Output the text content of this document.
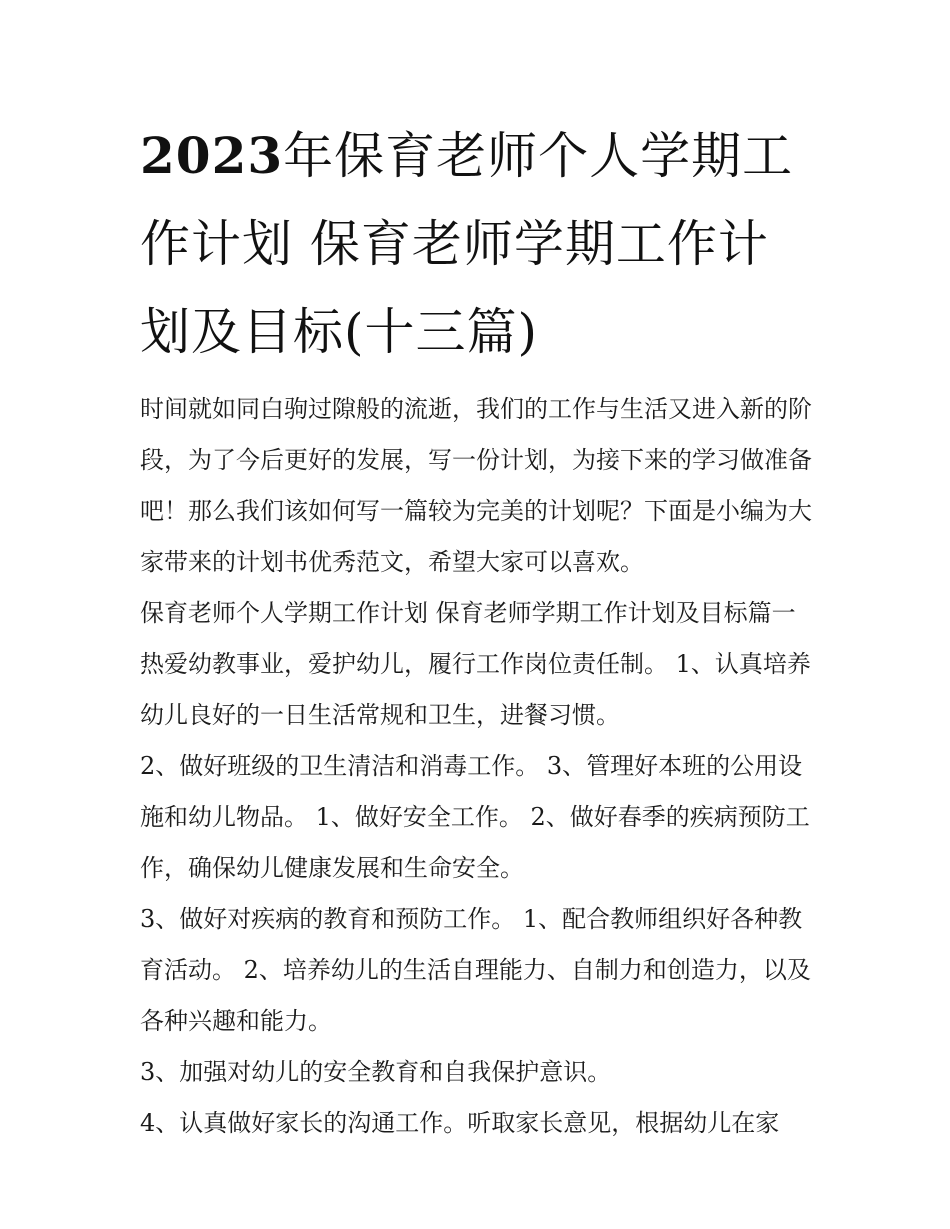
2023年保育老师个人学期工作计划 保育老师学期工作计划及目标(十三篇)

时间就如同白驹过隙般的流逝，我们的工作与生活又进入新的阶段，为了今后更好的发展，写一份计划，为接下来的学习做准备吧！那么我们该如何写一篇较为完美的计划呢？下面是小编为大家带来的计划书优秀范文，希望大家可以喜欢。

保育老师个人学期工作计划 保育老师学期工作计划及目标篇一 热爱幼教事业，爱护幼儿，履行工作岗位责任制。 1、认真培养幼儿良好的一日生活常规和卫生，进餐习惯。

2、做好班级的卫生清洁和消毒工作。 3、管理好本班的公用设施和幼儿物品。 1、做好安全工作。 2、做好春季的疾病预防工作，确保幼儿健康发展和生命安全。

3、做好对疾病的教育和预防工作。 1、配合教师组织好各种教育活动。 2、培养幼儿的生活自理能力、自制力和创造力，以及各种兴趣和能力。

3、加强对幼儿的安全教育和自我保护意识。

4、认真做好家长的沟通工作。听取家长意见，根据幼儿在家
